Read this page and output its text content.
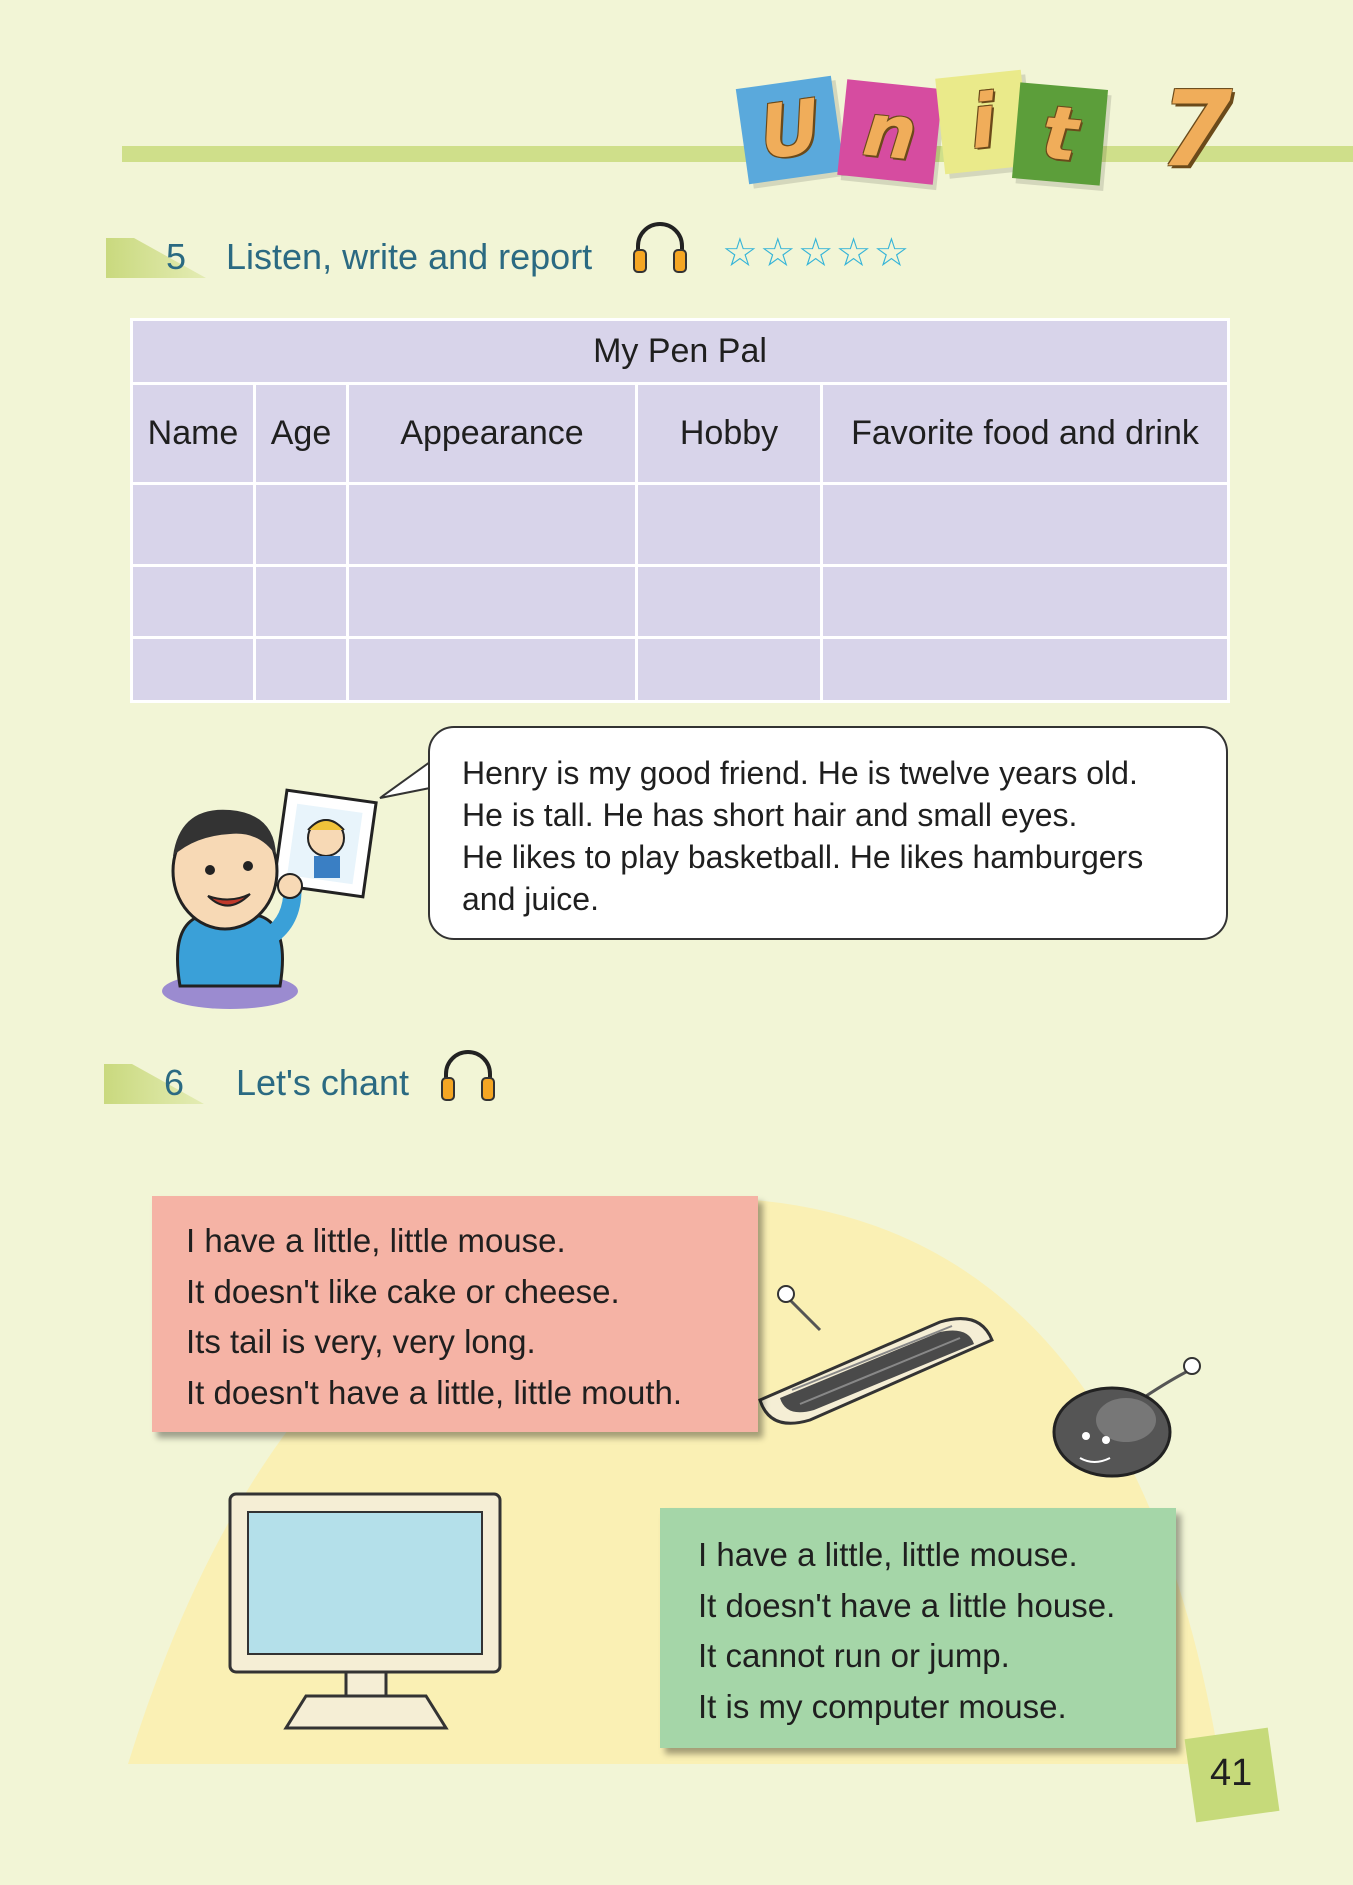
U n i t 7
5 Listen, write and report	☆☆☆☆☆
My Pen Pal				
Name	Age	Appearance	Hobby	Favorite food and drink

Henry is my good friend. He is twelve years old.

He is tall. He has short hair and small eyes.

He likes to play basketball. He likes hamburgers

and juice.

6 Let's chant

I have a little, little mouse.

It doesn't like cake or cheese.

Its tail is very, very long.

It doesn't have a little, little mouth.

I have a little, little mouse.

It doesn't have a little house.

It cannot run or jump.

It is my computer mouse.

41
